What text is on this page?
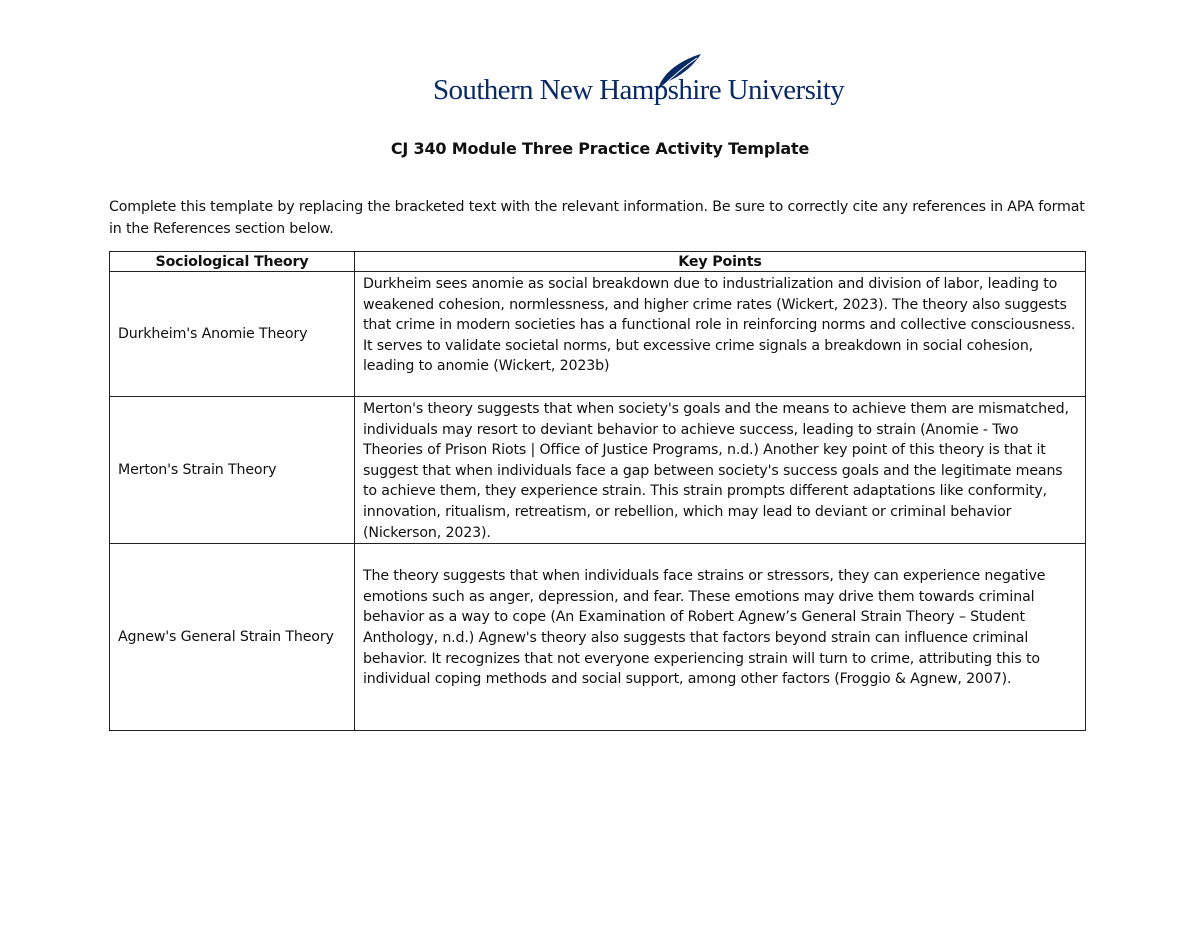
Southern New Hampshire University
CJ 340 Module Three Practice Activity Template
Complete this template by replacing the bracketed text with the relevant information. Be sure to correctly cite any references in APA format in the References section below.
Sociological Theory	Key Points
Durkheim's Anomie Theory	Durkheim sees anomie as social breakdown due to industrialization and division of labor, leading to weakened cohesion, normlessness, and higher crime rates (Wickert, 2023). The theory also suggests that crime in modern societies has a functional role in reinforcing norms and collective consciousness. It serves to validate societal norms, but excessive crime signals a breakdown in social cohesion, leading to anomie (Wickert, 2023b)
Merton's Strain Theory	Merton's theory suggests that when society's goals and the means to achieve them are mismatched, individuals may resort to deviant behavior to achieve success, leading to strain (Anomie - Two Theories of Prison Riots | Office of Justice Programs, n.d.) Another key point of this theory is that it suggest that when individuals face a gap between society's success goals and the legitimate means to achieve them, they experience strain. This strain prompts different adaptations like conformity, innovation, ritualism, retreatism, or rebellion, which may lead to deviant or criminal behavior (Nickerson, 2023).
Agnew's General Strain Theory	The theory suggests that when individuals face strains or stressors, they can experience negative emotions such as anger, depression, and fear. These emotions may drive them towards criminal behavior as a way to cope (An Examination of Robert Agnew’s General Strain Theory – Student Anthology, n.d.) Agnew's theory also suggests that factors beyond strain can influence criminal behavior. It recognizes that not everyone experiencing strain will turn to crime, attributing this to individual coping methods and social support, among other factors (Froggio & Agnew, 2007).
